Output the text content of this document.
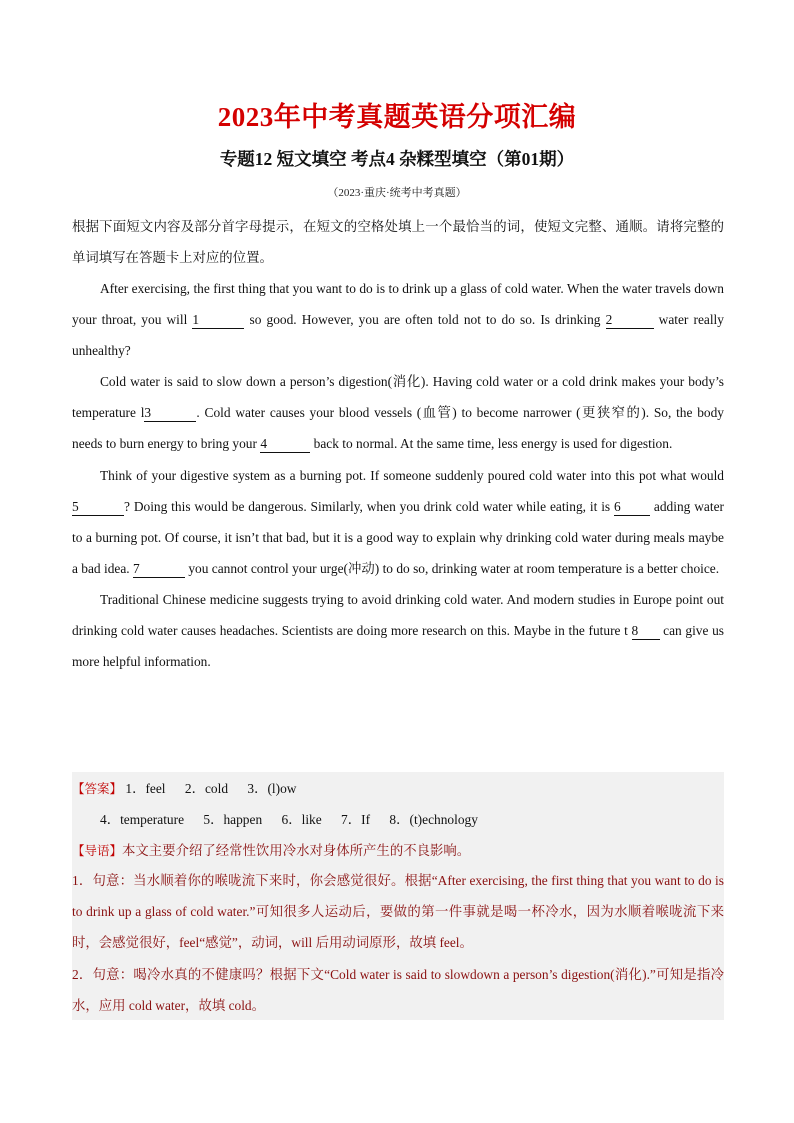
2023年中考真题英语分项汇编
专题12 短文填空 考点4 杂糅型填空（第01期）
（2023·重庆·统考中考真题）
根据下面短文内容及部分首字母提示，在短文的空格处填上一个最恰当的词，使短文完整、通顺。请将完整的单词填写在答题卡上对应的位置。

After exercising, the first thing that you want to do is to drink up a glass of cold water. When the water travels down your throat, you will 1	so good. However, you are often told not to do so. Is drinking 2	water really unhealthy?

Cold water is said to slow down a person’s digestion(消化). Having cold water or a cold drink makes your body’s temperature l3	. Cold water causes your blood vessels (血管) to become narrower (更狭窄的). So, the body needs to burn energy to bring your 4	back to normal. At the same time, less energy is used for digestion.

Think of your digestive system as a burning pot. If someone suddenly poured cold water into this pot what would 5	? Doing this would be dangerous. Similarly, when you drink cold water while eating, it is 6 adding water to a burning pot. Of course, it isn’t that bad, but it is a good way to explain why drinking cold water during meals maybe a bad idea. 7	you cannot control your urge(冲动) to do so, drinking water at room temperature is a better choice.

Traditional Chinese medicine suggests trying to avoid drinking cold water. And modern studies in Europe point out drinking cold water causes headaches. Scientists are doing more research on this. Maybe in the future t 8 can give us more helpful information.

【答案】 1．feel 2．cold 3．(l)ow
4．temperature 5．happen 6．like 7．If 8．(t)echnology
【导语】本文主要介绍了经常性饮用冷水对身体所产生的不良影响。
1．句意：当水顺着你的喉咙流下来时，你会感觉很好。根据“After exercising, the first thing that you want to do is to drink up a glass of cold water.”可知很多人运动后，要做的第一件事就是喝一杯冷水，因为水顺着喉咙流下来时，会感觉很好，feel“感觉”，动词，will 后用动词原形，故填 feel。
2．句意：喝冷水真的不健康吗？根据下文“Cold water is said to slowdown a person’s digestion(消化).”可知是指冷水，应用 cold water，故填 cold。
